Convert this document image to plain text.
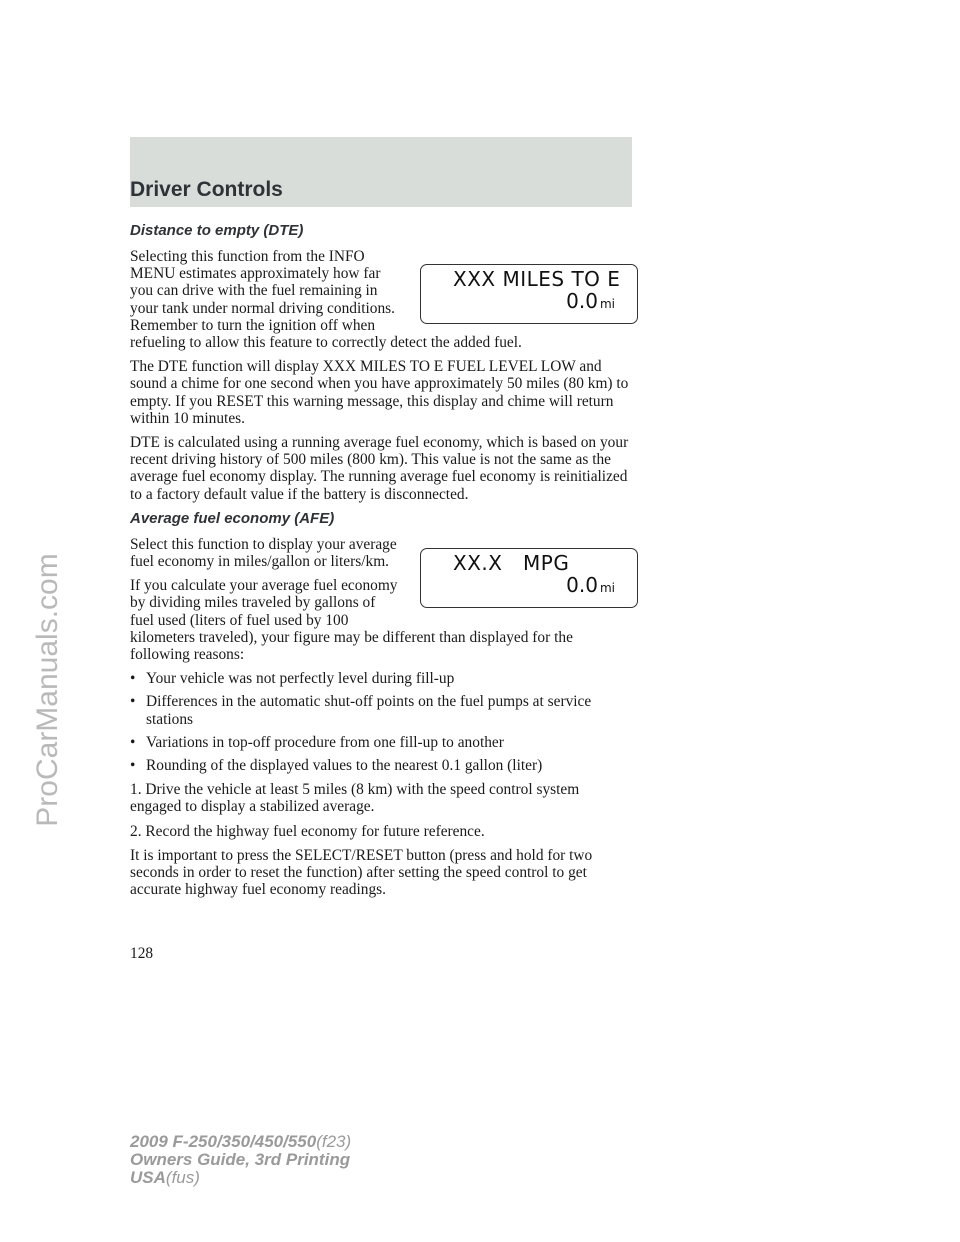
Driver Controls
Distance to empty (DTE)
XXX MILES TO E
0.0 mi

Selecting this function from the INFO MENU estimates approximately how far you can drive with the fuel remaining in your tank under normal driving conditions. Remember to turn the ignition off when refueling to allow this feature to correctly detect the added fuel.

The DTE function will display XXX MILES TO E FUEL LEVEL LOW and sound a chime for one second when you have approximately 50 miles (80 km) to empty. If you RESET this warning message, this display and chime will return within 10 minutes.

DTE is calculated using a running average fuel economy, which is based on your recent driving history of 500 miles (800 km). This value is not the same as the average fuel economy display. The running average fuel economy is reinitialized to a factory default value if the battery is disconnected.

Average fuel economy (AFE)
XX.X   MPG
0.0 mi

Select this function to display your average fuel economy in miles/gallon or liters/km.

If you calculate your average fuel economy by dividing miles traveled by gallons of fuel used (liters of fuel used by 100 kilometers traveled), your figure may be different than displayed for the following reasons:

• Your vehicle was not perfectly level during fill-up
• Differences in the automatic shut-off points on the fuel pumps at service stations
• Variations in top-off procedure from one fill-up to another
• Rounding of the displayed values to the nearest 0.1 gallon (liter)

1. Drive the vehicle at least 5 miles (8 km) with the speed control system engaged to display a stabilized average.

2. Record the highway fuel economy for future reference.

It is important to press the SELECT/RESET button (press and hold for two seconds in order to reset the function) after setting the speed control to get accurate highway fuel economy readings.

128
2009 F-250/350/450/550(f23)
Owners Guide, 3rd Printing
USA(fus)
ProCarManuals.com
